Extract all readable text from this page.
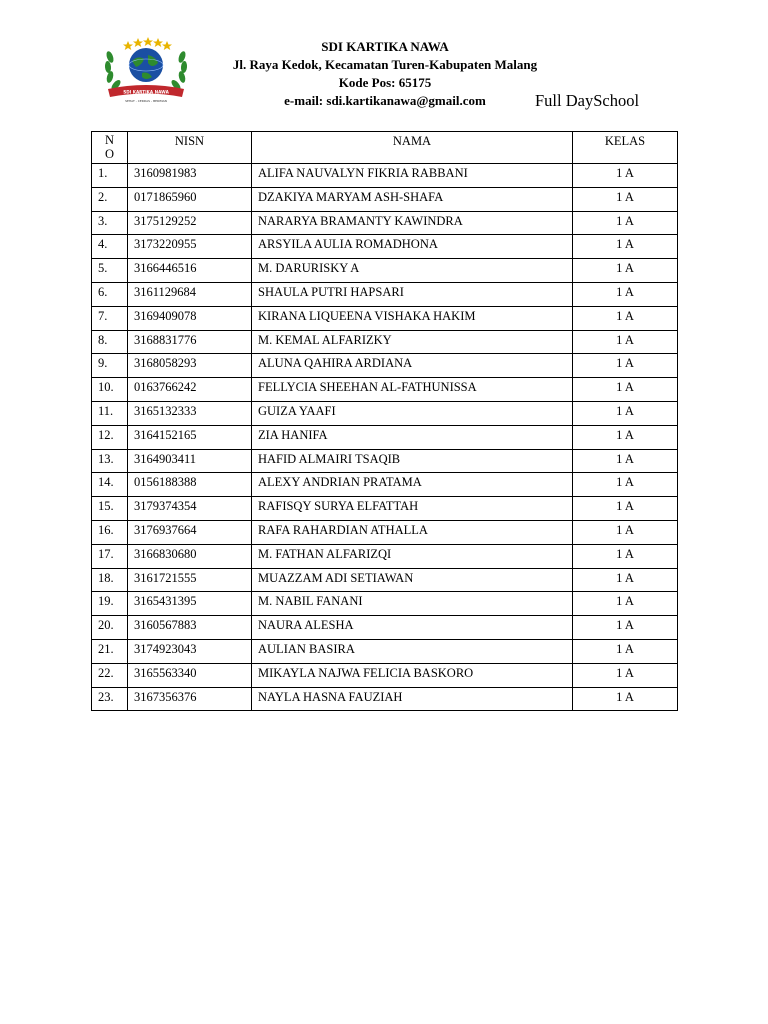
SDI KARTIKA NAWA
SEHAT - CERDAS - BERIMAN
SDI KARTIKA NAWA
Jl. Raya Kedok, Kecamatan Turen-Kabupaten Malang
Kode Pos: 65175
e-mail: sdi.kartikanawa@gmail.com	Full DaySchool
N
O	NISN	NAMA	KELAS
1.	3160981983	ALIFA NAUVALYN FIKRIA RABBANI	1 A
2.	0171865960	DZAKIYA MARYAM ASH-SHAFA	1 A
3.	3175129252	NARARYA BRAMANTY KAWINDRA	1 A
4.	3173220955	ARSYILA AULIA ROMADHONA	1 A
5.	3166446516	M. DARURISKY A	1 A
6.	3161129684	SHAULA PUTRI HAPSARI	1 A
7.	3169409078	KIRANA LIQUEENA VISHAKA HAKIM	1 A
8.	3168831776	M. KEMAL ALFARIZKY	1 A
9.	3168058293	ALUNA QAHIRA ARDIANA	1 A
10.	0163766242	FELLYCIA SHEEHAN AL-FATHUNISSA	1 A
11.	3165132333	GUIZA YAAFI	1 A
12.	3164152165	ZIA HANIFA	1 A
13.	3164903411	HAFID ALMAIRI TSAQIB	1 A
14.	0156188388	ALEXY ANDRIAN PRATAMA	1 A
15.	3179374354	RAFISQY SURYA ELFATTAH	1 A
16.	3176937664	RAFA RAHARDIAN ATHALLA	1 A
17.	3166830680	M. FATHAN ALFARIZQI	1 A
18.	3161721555	MUAZZAM ADI SETIAWAN	1 A
19.	3165431395	M. NABIL FANANI	1 A
20.	3160567883	NAURA ALESHA	1 A
21.	3174923043	AULIAN BASIRA	1 A
22.	3165563340	MIKAYLA NAJWA FELICIA BASKORO	1 A
23.	3167356376	NAYLA HASNA FAUZIAH	1 A
